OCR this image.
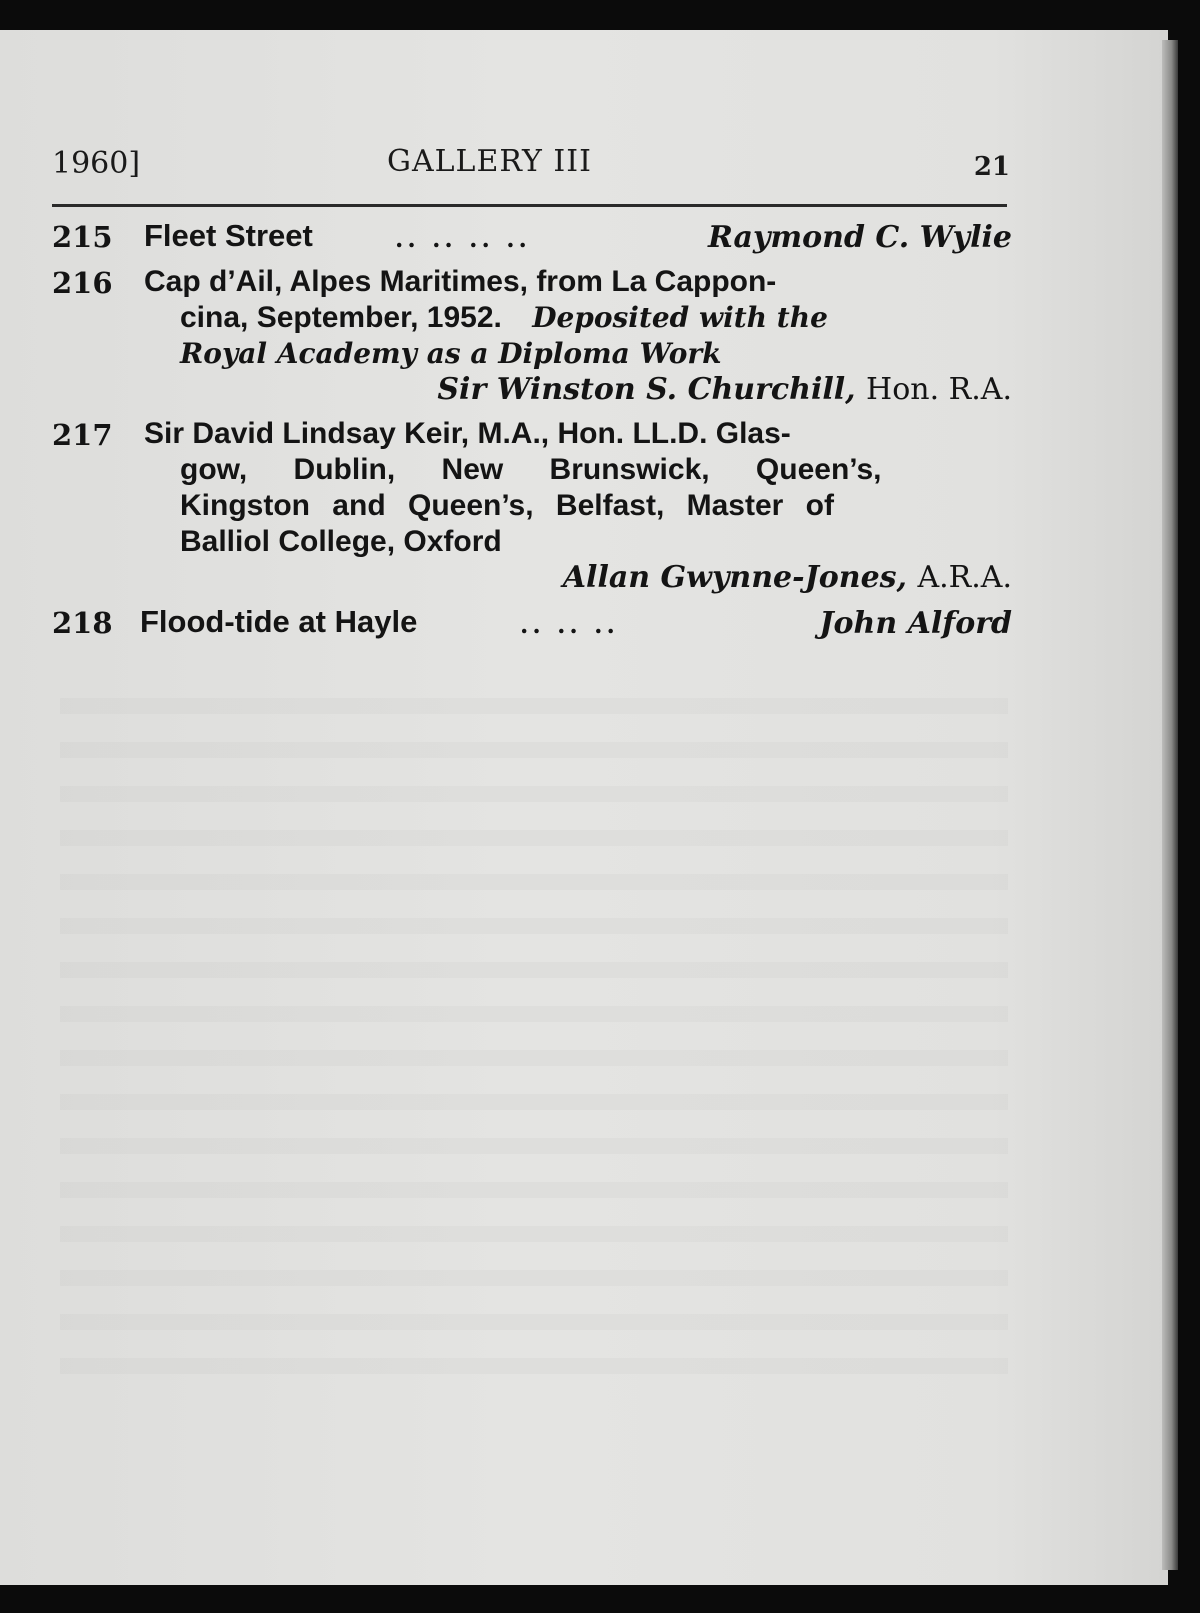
1960]	GALLERY III	21
215 Fleet Street	.. .. .. ..	Raymond C. Wylie
216 Cap d’Ail, Alpes Maritimes, from La Cappon-
cina, September, 1952. Deposited with the
Royal Academy as a Diploma Work
Sir Winston S. Churchill, Hon. R.A.
217 Sir David Lindsay Keir, M.A., Hon. LL.D. Glas-
gow, Dublin, New Brunswick, Queen’s,
Kingston and Queen’s, Belfast, Master of
Balliol College, Oxford
Allan Gwynne-Jones, A.R.A.
218 Flood-tide at Hayle	.. .. ..	John Alford
